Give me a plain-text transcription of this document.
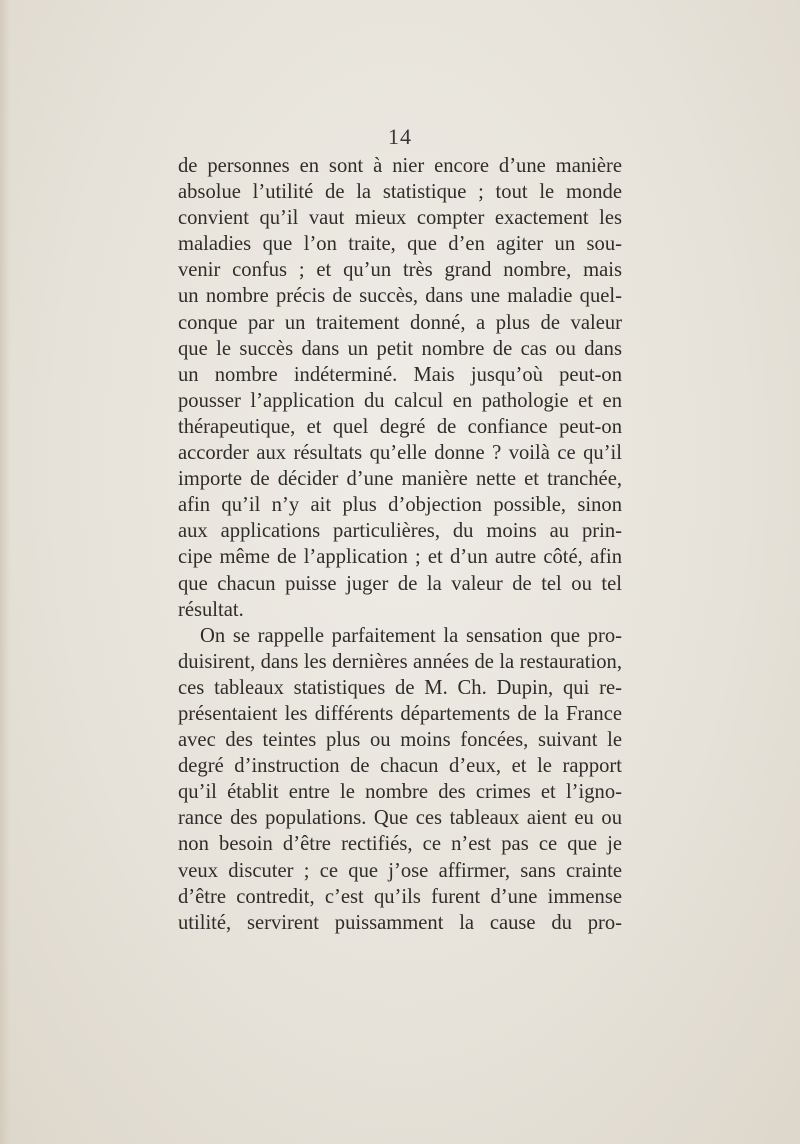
14
de personnes en sont à nier encore d’une manière
absolue l’utilité de la statistique ; tout le monde
convient qu’il vaut mieux compter exactement les
maladies que l’on traite, que d’en agiter un sou-
venir confus ; et qu’un très grand nombre, mais
un nombre précis de succès, dans une maladie quel-
conque par un traitement donné, a plus de valeur
que le succès dans un petit nombre de cas ou dans
un nombre indéterminé. Mais jusqu’où peut-on
pousser l’application du calcul en pathologie et en
thérapeutique, et quel degré de confiance peut-on
accorder aux résultats qu’elle donne ? voilà ce qu’il
importe de décider d’une manière nette et tranchée,
afin qu’il n’y ait plus d’objection possible, sinon
aux applications particulières, du moins au prin-
cipe même de l’application ; et d’un autre côté, afin
que chacun puisse juger de la valeur de tel ou tel
résultat.
On se rappelle parfaitement la sensation que pro-
duisirent, dans les dernières années de la restauration,
ces tableaux statistiques de M. Ch. Dupin, qui re-
présentaient les différents départements de la France
avec des teintes plus ou moins foncées, suivant le
degré d’instruction de chacun d’eux, et le rapport
qu’il établit entre le nombre des crimes et l’igno-
rance des populations. Que ces tableaux aient eu ou
non besoin d’être rectifiés, ce n’est pas ce que je
veux discuter ; ce que j’ose affirmer, sans crainte
d’être contredit, c’est qu’ils furent d’une immense
utilité, servirent puissamment la cause du pro-
